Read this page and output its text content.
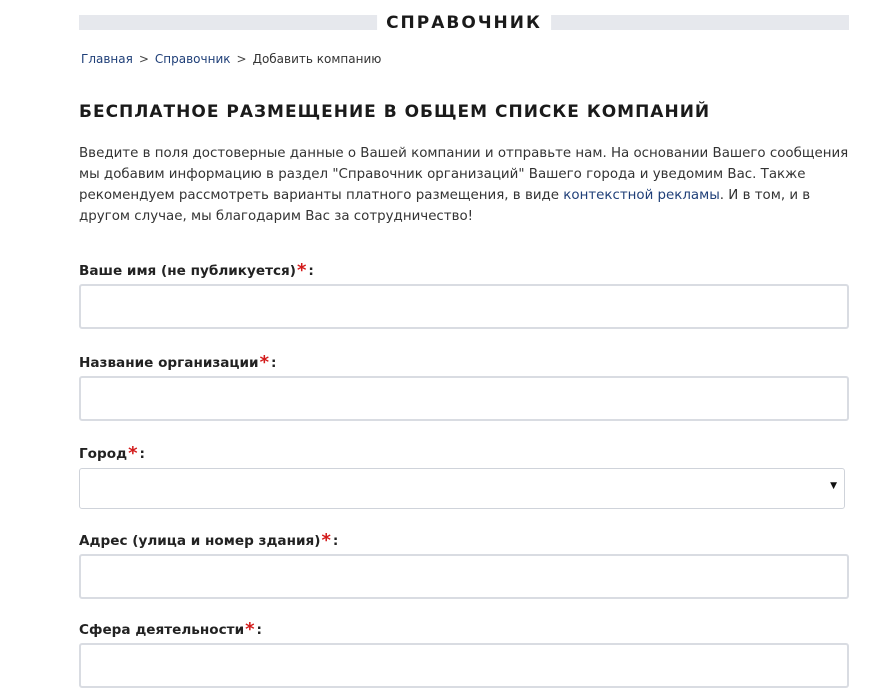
СПРАВОЧНИК
Главная > Справочник > Добавить компанию
БЕСПЛАТНОЕ РАЗМЕЩЕНИЕ В ОБЩЕМ СПИСКЕ КОМПАНИЙ

Введите в поля достоверные данные о Вашей компании и отправьте нам. На основании Вашего сообщения мы добавим информацию в раздел "Справочник организаций" Вашего города и уведомим Вас. Также рекомендуем рассмотреть варианты платного размещения, в виде контекстной рекламы. И в том, и в другом случае, мы благодарим Вас за сотрудничество!

Ваше имя (не публикуется)* :
Название организации* :
Город* :
▼
Адрес (улица и номер здания)* :
Сфера деятельности* :
